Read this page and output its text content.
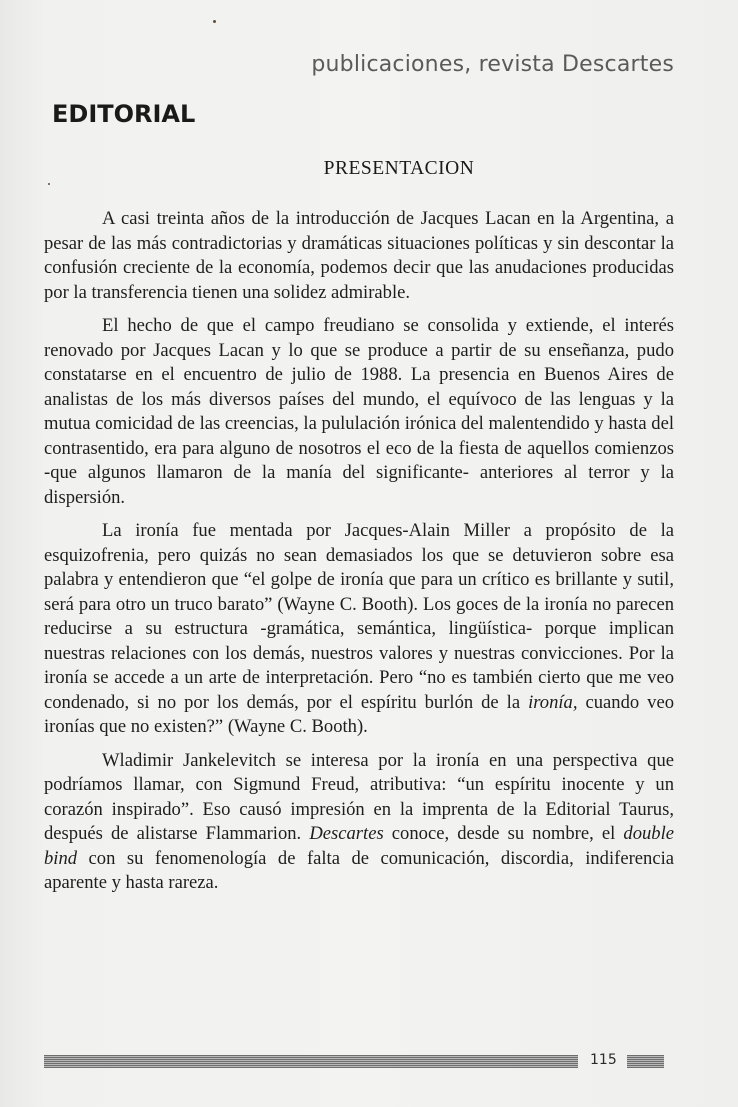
publicaciones, revista Descartes
EDITORIAL
PRESENTACION

A casi treinta años de la introducción de Jacques Lacan en la Argentina, a pesar de las más contradictorias y dramáticas situaciones políticas y sin descontar la confusión creciente de la economía, podemos decir que las anudaciones producidas por la transferencia tienen una solidez admirable.

El hecho de que el campo freudiano se consolida y extiende, el interés renovado por Jacques Lacan y lo que se produce a partir de su enseñanza, pudo constatarse en el encuentro de julio de 1988. La presencia en Buenos Aires de analistas de los más diversos países del mundo, el equívoco de las lenguas y la mutua comicidad de las creencias, la pululación irónica del malentendido y hasta del contrasentido, era para alguno de nosotros el eco de la fiesta de aquellos comienzos -que algunos llamaron de la manía del significante- anteriores al terror y la dispersión.

La ironía fue mentada por Jacques-Alain Miller a propósito de la esquizofrenia, pero quizás no sean demasiados los que se detuvieron sobre esa palabra y entendieron que “el golpe de ironía que para un crítico es brillante y sutil, será para otro un truco barato” (Wayne C. Booth). Los goces de la ironía no parecen reducirse a su estructura -gramática, semántica, lingüística- porque implican nuestras relaciones con los demás, nuestros valores y nuestras convicciones. Por la ironía se accede a un arte de interpretación. Pero “no es también cierto que me veo condenado, si no por los demás, por el espíritu burlón de la ironía, cuando veo ironías que no existen?” (Wayne C. Booth).

Wladimir Jankelevitch se interesa por la ironía en una perspectiva que podríamos llamar, con Sigmund Freud, atributiva: “un espíritu inocente y un corazón inspirado”. Eso causó impresión en la imprenta de la Editorial Taurus, después de alistarse Flammarion. Descartes conoce, desde su nombre, el double bind con su fenomenología de falta de comunicación, discordia, indiferencia aparente y hasta rareza.

115
